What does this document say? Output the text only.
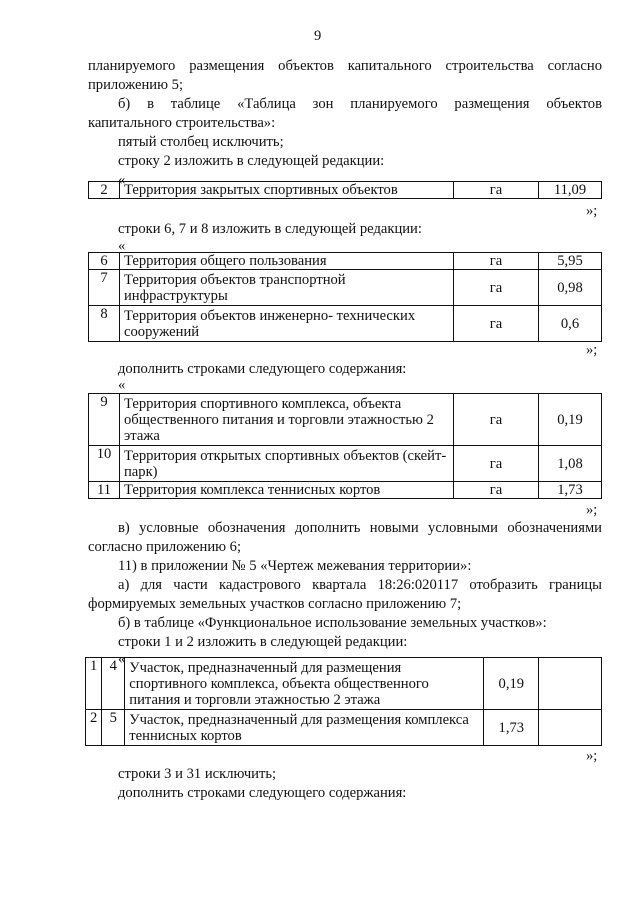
9
планируемого размещения объектов капитального строительства согласно
приложению 5;
б) в таблице «Таблица зон планируемого размещения объектов
капитального строительства»:
пятый столбец исключить;
строку 2 изложить в следующей редакции:
«
2	Территория закрытых спортивных объектов	га	11,09
»;
строки 6, 7 и 8 изложить в следующей редакции:
«
6	Территория общего пользования	га	5,95
7	Территория объектов транспортной инфраструктуры	га	0,98
8	Территория объектов инженерно- технических сооружений	га	0,6
»;
дополнить строками следующего содержания:
«
9	Территория спортивного комплекса, объекта общественного питания и торговли этажностью 2 этажа	га	0,19
10	Территория открытых спортивных объектов (скейт-парк)	га	1,08
11	Территория комплекса теннисных кортов	га	1,73
»;
в) условные обозначения дополнить новыми условными обозначениями
согласно приложению 6;
11) в приложении № 5 «Чертеж межевания территории»:
а) для части кадастрового квартала 18:26:020117 отобразить границы
формируемых земельных участков согласно приложению 7;
б) в таблице «Функциональное использование земельных участков»:
строки 1 и 2 изложить в следующей редакции:
«
1	4	Участок, предназначенный для размещения спортивного комплекса, объекта общественного питания и торговли этажностью 2 этажа	0,19	
2	5	Участок, предназначенный для размещения комплекса теннисных кортов	1,73	
»;
строки 3 и 31 исключить;
дополнить строками следующего содержания:
